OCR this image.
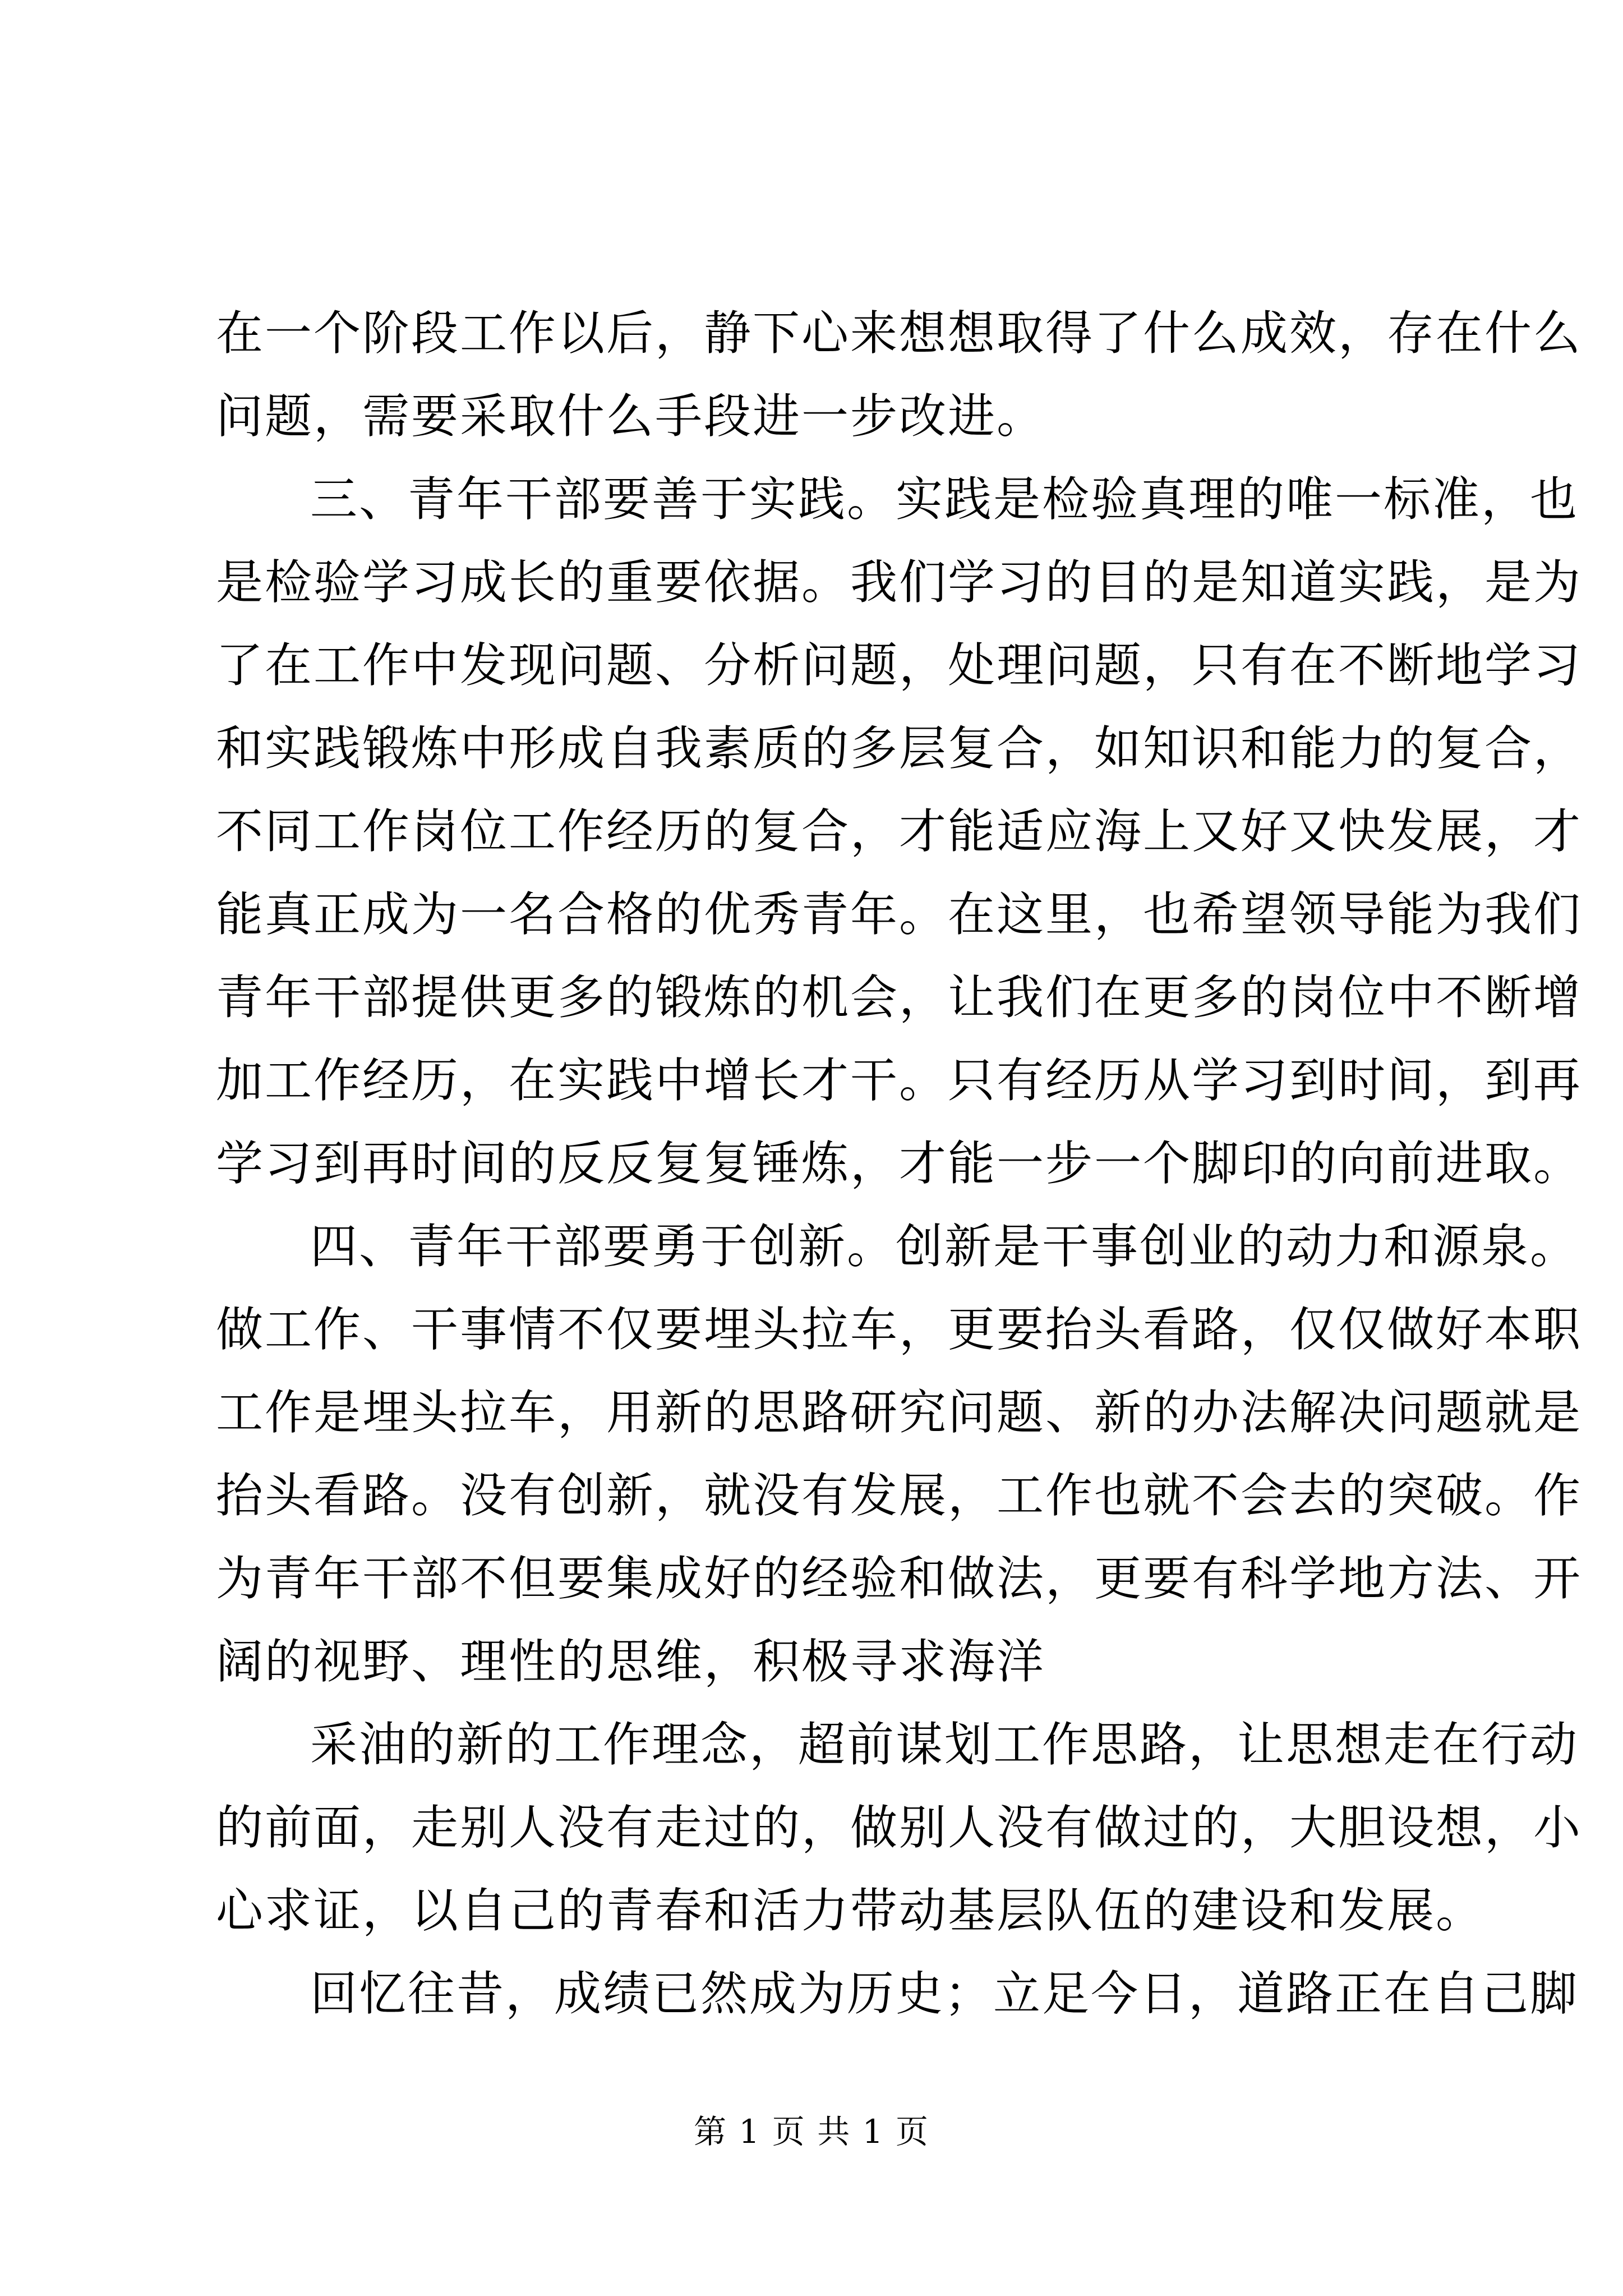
在一个阶段工作以后，静下心来想想取得了什么成效，存在什么
问题，需要采取什么手段进一步改进。
三、青年干部要善于实践。实践是检验真理的唯一标准，也
是检验学习成长的重要依据。我们学习的目的是知道实践，是为
了在工作中发现问题、分析问题，处理问题，只有在不断地学习
和实践锻炼中形成自我素质的多层复合，如知识和能力的复合，
不同工作岗位工作经历的复合，才能适应海上又好又快发展，才
能真正成为一名合格的优秀青年。在这里，也希望领导能为我们
青年干部提供更多的锻炼的机会，让我们在更多的岗位中不断增
加工作经历，在实践中增长才干。只有经历从学习到时间，到再
学习到再时间的反反复复锤炼，才能一步一个脚印的向前进取。
四、青年干部要勇于创新。创新是干事创业的动力和源泉。
做工作、干事情不仅要埋头拉车，更要抬头看路，仅仅做好本职
工作是埋头拉车，用新的思路研究问题、新的办法解决问题就是
抬头看路。没有创新，就没有发展，工作也就不会去的突破。作
为青年干部不但要集成好的经验和做法，更要有科学地方法、开
阔的视野、理性的思维，积极寻求海洋
采油的新的工作理念，超前谋划工作思路，让思想走在行动
的前面，走别人没有走过的，做别人没有做过的，大胆设想，小
心求证，以自己的青春和活力带动基层队伍的建设和发展。
回忆往昔，成绩已然成为历史；立足今日，道路正在自己脚
第 1 页 共 1 页
